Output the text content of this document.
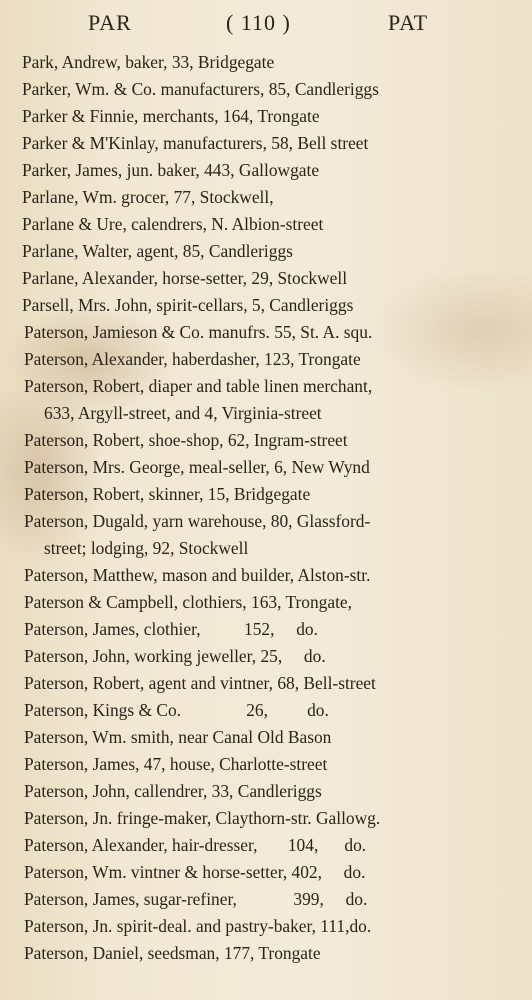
PAR	( 110 )	PAT
Park, Andrew, baker, 33, Bridgegate
Parker, Wm. & Co. manufacturers, 85, Candleriggs
Parker & Finnie, merchants, 164, Trongate
Parker & M'Kinlay, manufacturers, 58, Bell street
Parker, James, jun. baker, 443, Gallowgate
Parlane, Wm. grocer, 77, Stockwell,
Parlane & Ure, calendrers, N. Albion-street
Parlane, Walter, agent, 85, Candleriggs
Parlane, Alexander, horse-setter, 29, Stockwell
Parsell, Mrs. John, spirit-cellars, 5, Candleriggs
Paterson, Jamieson & Co. manufrs. 55, St. A. squ.
Paterson, Alexander, haberdasher, 123, Trongate
Paterson, Robert, diaper and table linen merchant,
633, Argyll-street, and 4, Virginia-street
Paterson, Robert, shoe-shop, 62, Ingram-street
Paterson, Mrs. George, meal-seller, 6, New Wynd
Paterson, Robert, skinner, 15, Bridgegate
Paterson, Dugald, yarn warehouse, 80, Glassford-
street; lodging, 92, Stockwell
Paterson, Matthew, mason and builder, Alston-str.
Paterson & Campbell, clothiers, 163, Trongate,
Paterson, James, clothier,          152,     do.
Paterson, John, working jeweller, 25,     do.
Paterson, Robert, agent and vintner, 68, Bell-street
Paterson, Kings & Co.               26,         do.
Paterson, Wm. smith, near Canal Old Bason
Paterson, James, 47, house, Charlotte-street
Paterson, John, callendrer, 33, Candleriggs
Paterson, Jn. fringe-maker, Claythorn-str. Gallowg.
Paterson, Alexander, hair-dresser,       104,      do.
Paterson, Wm. vintner & horse-setter, 402,     do.
Paterson, James, sugar-refiner,             399,     do.
Paterson, Jn. spirit-deal. and pastry-baker, 111,do.
Paterson, Daniel, seedsman, 177, Trongate
